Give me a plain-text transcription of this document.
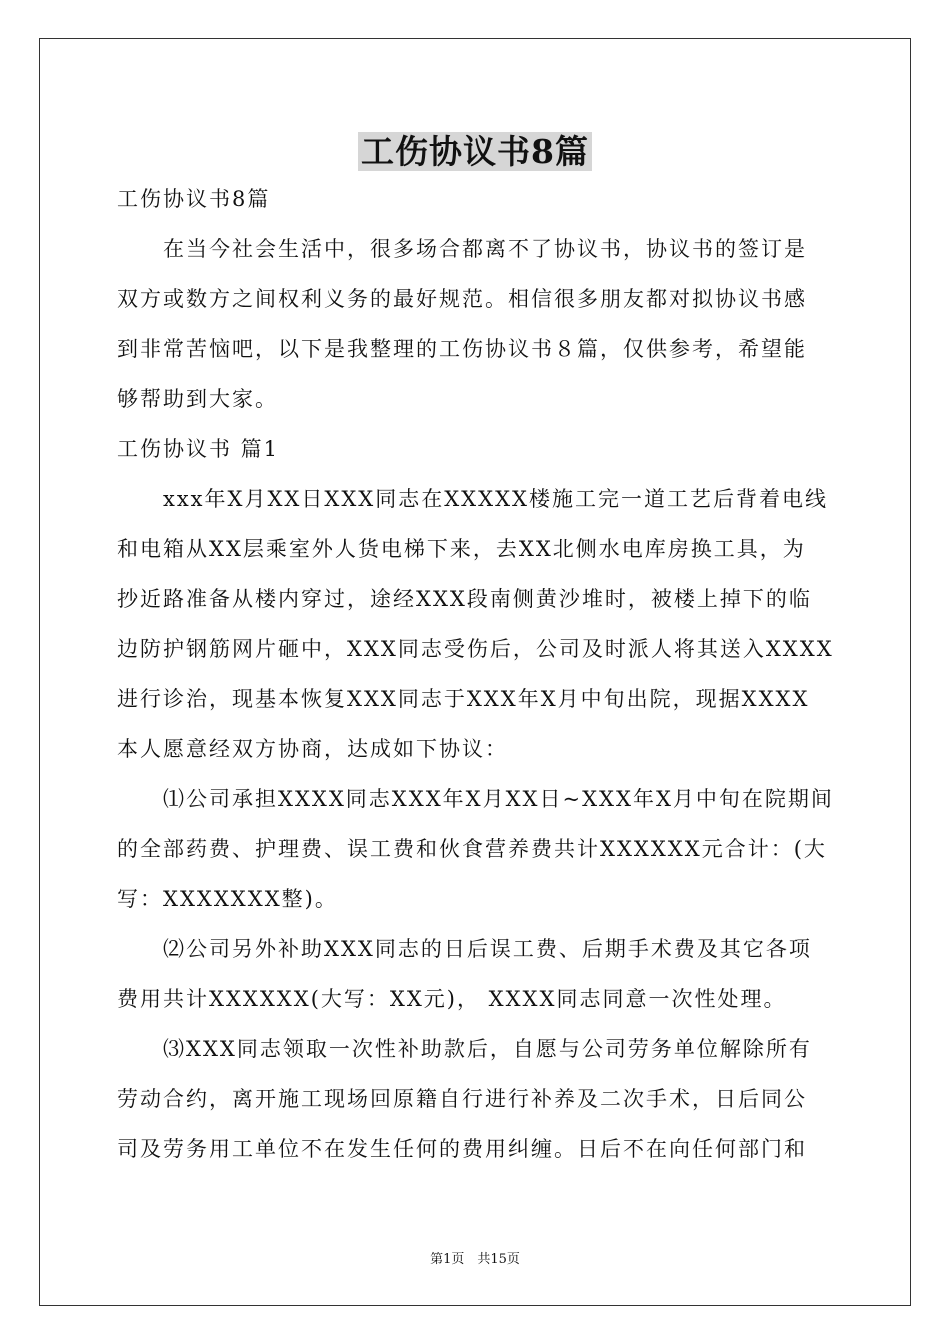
工伤协议书8篇
工伤协议书8篇
　　在当今社会生活中，很多场合都离不了协议书，协议书的签订是
双方或数方之间权利义务的最好规范。相信很多朋友都对拟协议书感
到非常苦恼吧，以下是我整理的工伤协议书８篇，仅供参考，希望能
够帮助到大家。
工伤协议书 篇1
　　xxx年X月XX日XXX同志在XXXXX楼施工完一道工艺后背着电线
和电箱从XX层乘室外人货电梯下来，去XX北侧水电库房换工具，为
抄近路准备从楼内穿过，途经XXX段南侧黄沙堆时，被楼上掉下的临
边防护钢筋网片砸中，XXX同志受伤后，公司及时派人将其送入XXXX
进行诊治，现基本恢复XXX同志于XXX年X月中旬出院，现据XXXX
本人愿意经双方协商，达成如下协议：
　　⑴公司承担XXXX同志XXX年X月XX日~XXX年X月中旬在院期间
的全部药费、护理费、误工费和伙食营养费共计XXXXXX元合计：(大
写：XXXXXXX整)。
　　⑵公司另外补助XXX同志的日后误工费、后期手术费及其它各项
费用共计XXXXXX(大写：XX元)， XXXX同志同意一次性处理。
　　⑶XXX同志领取一次性补助款后，自愿与公司劳务单位解除所有
劳动合约，离开施工现场回原籍自行进行补养及二次手术，日后同公
司及劳务用工单位不在发生任何的费用纠缠。日后不在向任何部门和
第1页　共15页
